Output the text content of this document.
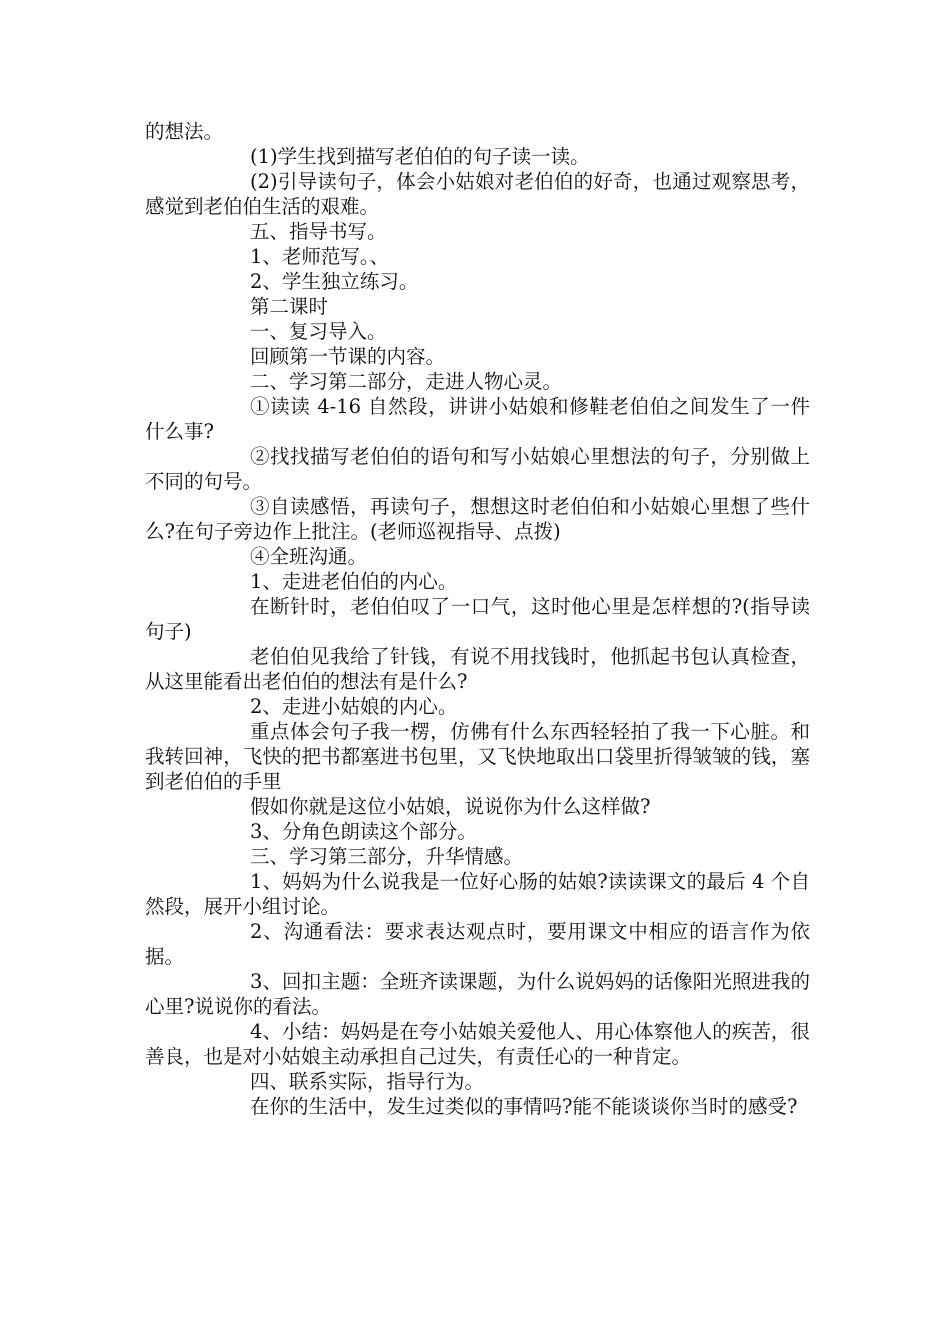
的想法。

(1)学生找到描写老伯伯的句子读一读。

(2)引导读句子，体会小姑娘对老伯伯的好奇，也通过观察思考，感觉到老伯伯生活的艰难。

五、指导书写。

1、老师范写。、

2、学生独立练习。

第二课时

一、复习导入。

回顾第一节课的内容。

二、学习第二部分，走进人物心灵。

①读读 4-16 自然段，讲讲小姑娘和修鞋老伯伯之间发生了一件什么事?

②找找描写老伯伯的语句和写小姑娘心里想法的句子，分别做上不同的句号。

③自读感悟，再读句子，想想这时老伯伯和小姑娘心里想了些什么?在句子旁边作上批注。(老师巡视指导、点拨)

④全班沟通。

1、走进老伯伯的内心。

在断针时，老伯伯叹了一口气，这时他心里是怎样想的?(指导读句子)

老伯伯见我给了针钱，有说不用找钱时，他抓起书包认真检查，从这里能看出老伯伯的想法有是什么?

2、走进小姑娘的内心。

重点体会句子我一楞，仿佛有什么东西轻轻拍了我一下心脏。和我转回神，飞快的把书都塞进书包里，又飞快地取出口袋里折得皱皱的钱，塞到老伯伯的手里

假如你就是这位小姑娘，说说你为什么这样做?

3、分角色朗读这个部分。

三、学习第三部分，升华情感。

1、妈妈为什么说我是一位好心肠的姑娘?读读课文的最后 4 个自然段，展开小组讨论。

2、沟通看法：要求表达观点时，要用课文中相应的语言作为依据。

3、回扣主题：全班齐读课题，为什么说妈妈的话像阳光照进我的心里?说说你的看法。

4、小结：妈妈是在夸小姑娘关爱他人、用心体察他人的疾苦，很善良，也是对小姑娘主动承担自己过失，有责任心的一种肯定。

四、联系实际，指导行为。

在你的生活中，发生过类似的事情吗?能不能谈谈你当时的感受?
